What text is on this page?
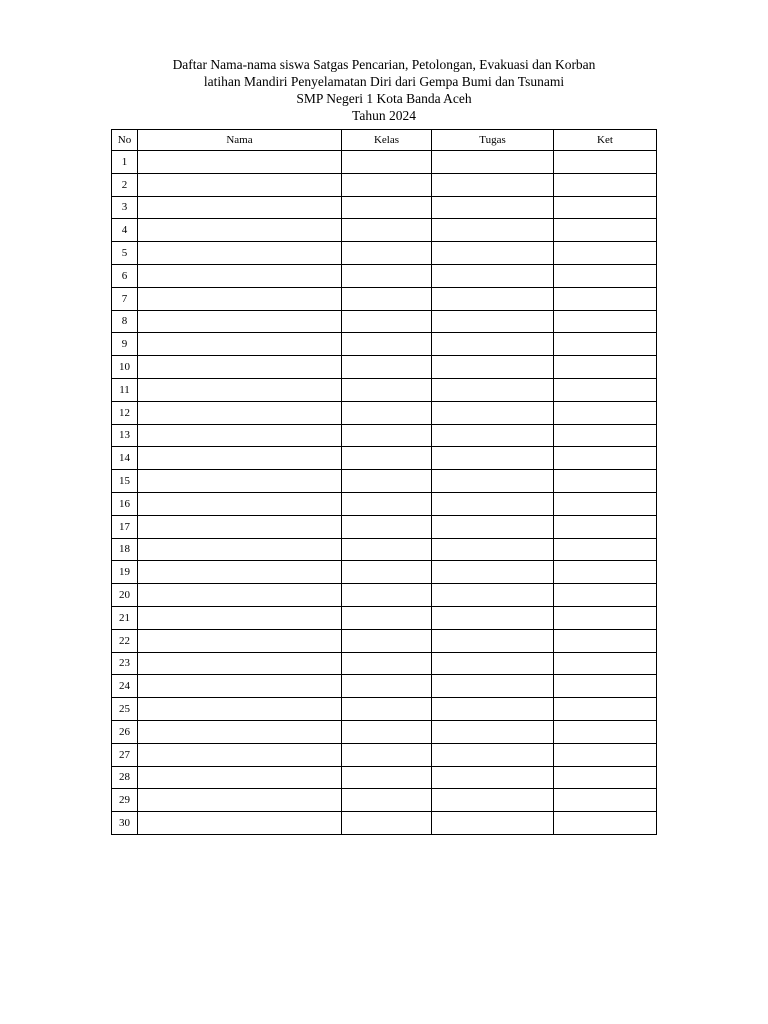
Daftar Nama-nama siswa Satgas Pencarian, Petolongan, Evakuasi dan Korban
latihan Mandiri Penyelamatan Diri dari Gempa Bumi dan Tsunami
SMP Negeri 1 Kota Banda Aceh
Tahun 2024
No	Nama	Kelas	Tugas	Ket
1				
2				
3				
4				
5				
6				
7				
8				
9				
10				
11				
12				
13				
14				
15				
16				
17				
18				
19				
20				
21				
22				
23				
24				
25				
26				
27				
28				
29				
30				
